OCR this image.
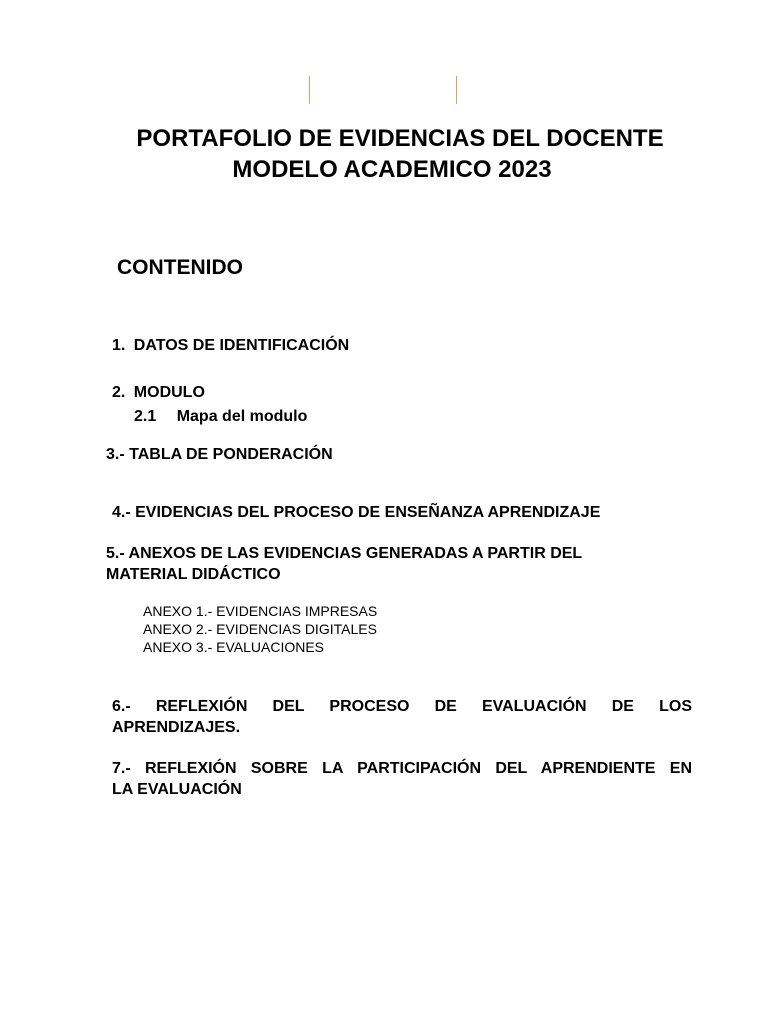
PORTAFOLIO DE EVIDENCIAS DEL DOCENTE
MODELO ACADEMICO 2023
CONTENIDO
1. DATOS DE IDENTIFICACIÓN
2. MODULO
2.1 Mapa del modulo
3.- TABLA DE PONDERACIÓN
4.- EVIDENCIAS DEL PROCESO DE ENSEÑANZA APRENDIZAJE
5.- ANEXOS DE LAS EVIDENCIAS GENERADAS A PARTIR DEL
MATERIAL DIDÁCTICO
ANEXO 1.- EVIDENCIAS IMPRESAS
ANEXO 2.- EVIDENCIAS DIGITALES
ANEXO 3.- EVALUACIONES
6.- REFLEXIÓN DEL PROCESO DE EVALUACIÓN DE LOS
APRENDIZAJES.
7.- REFLEXIÓN SOBRE LA PARTICIPACIÓN DEL APRENDIENTE EN
LA EVALUACIÓN
